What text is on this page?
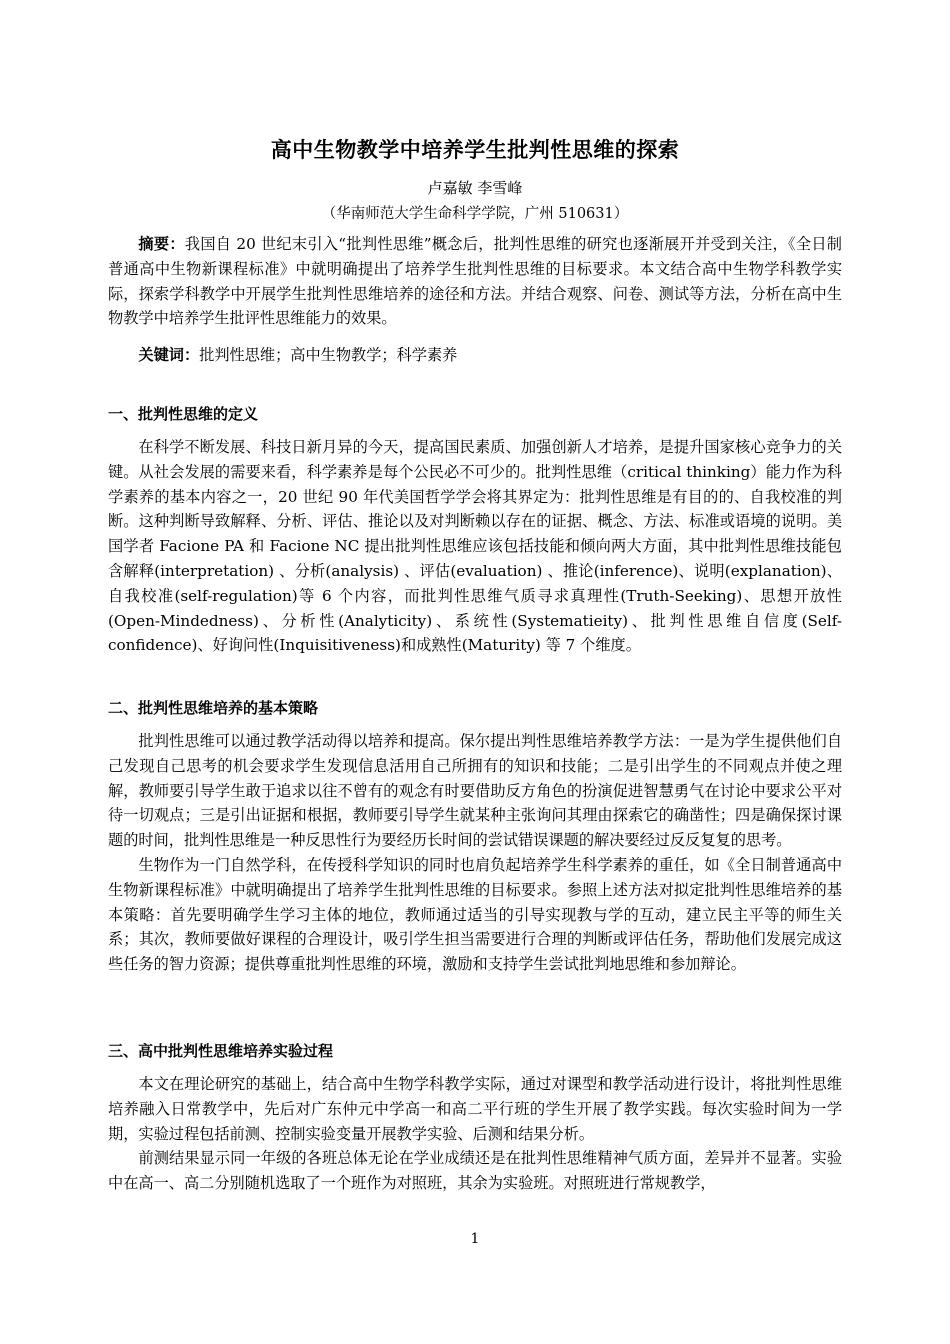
高中生物教学中培养学生批判性思维的探索
卢嘉敏 李雪峰
（华南师范大学生命科学学院，广州 510631）

摘要：我国自 20 世纪末引入“批判性思维”概念后，批判性思维的研究也逐渐展开并受到关注，《全日制普通高中生物新课程标准》中就明确提出了培养学生批判性思维的目标要求。本文结合高中生物学科教学实际，探索学科教学中开展学生批判性思维培养的途径和方法。并结合观察、问卷、测试等方法，分析在高中生物教学中培养学生批评性思维能力的效果。

关键词：批判性思维；高中生物教学；科学素养

一、批判性思维的定义

在科学不断发展、科技日新月异的今天，提高国民素质、加强创新人才培养，是提升国家核心竞争力的关键。从社会发展的需要来看，科学素养是每个公民必不可少的。批判性思维（critical thinking）能力作为科学素养的基本内容之一，20 世纪 90 年代美国哲学学会将其界定为：批判性思维是有目的的、自我校准的判断。这种判断导致解释、分析、评估、推论以及对判断赖以存在的证据、概念、方法、标准或语境的说明。美国学者 Facione PA 和 Facione NC 提出批判性思维应该包括技能和倾向两大方面，其中批判性思维技能包含解释(interpretation) 、分析(analysis) 、评估(evaluation) 、推论(inference)、说明(explanation)、自我校准(self-regulation)等 6 个内容，而批判性思维气质寻求真理性(Truth-Seeking)、思想开放性(Open-Mindedness)、分析性(Analyticity)、系统性(Systematieity)、批判性思维自信度(Self-confidence)、好询问性(Inquisitiveness)和成熟性(Maturity) 等 7 个维度。

二、批判性思维培养的基本策略

批判性思维可以通过教学活动得以培养和提高。保尔提出判性思维培养教学方法：一是为学生提供他们自己发现自己思考的机会要求学生发现信息活用自己所拥有的知识和技能；二是引出学生的不同观点并使之理解，教师要引导学生敢于追求以往不曾有的观念有时要借助反方角色的扮演促进智慧勇气在讨论中要求公平对待一切观点；三是引出证据和根据，教师要引导学生就某种主张询问其理由探索它的确凿性；四是确保探讨课题的时间，批判性思维是一种反思性行为要经历长时间的尝试错误课题的解决要经过反反复复的思考。

生物作为一门自然学科，在传授科学知识的同时也肩负起培养学生科学素养的重任，如《全日制普通高中生物新课程标准》中就明确提出了培养学生批判性思维的目标要求。参照上述方法对拟定批判性思维培养的基本策略：首先要明确学生学习主体的地位，教师通过适当的引导实现教与学的互动，建立民主平等的师生关系；其次，教师要做好课程的合理设计，吸引学生担当需要进行合理的判断或评估任务，帮助他们发展完成这些任务的智力资源；提供尊重批判性思维的环境，激励和支持学生尝试批判地思维和参加辩论。

三、高中批判性思维培养实验过程

本文在理论研究的基础上，结合高中生物学科教学实际，通过对课型和教学活动进行设计，将批判性思维培养融入日常教学中，先后对广东仲元中学高一和高二平行班的学生开展了教学实践。每次实验时间为一学期，实验过程包括前测、控制实验变量开展教学实验、后测和结果分析。

前测结果显示同一年级的各班总体无论在学业成绩还是在批判性思维精神气质方面，差异并不显著。实验中在高一、高二分别随机选取了一个班作为对照班，其余为实验班。对照班进行常规教学，

1
